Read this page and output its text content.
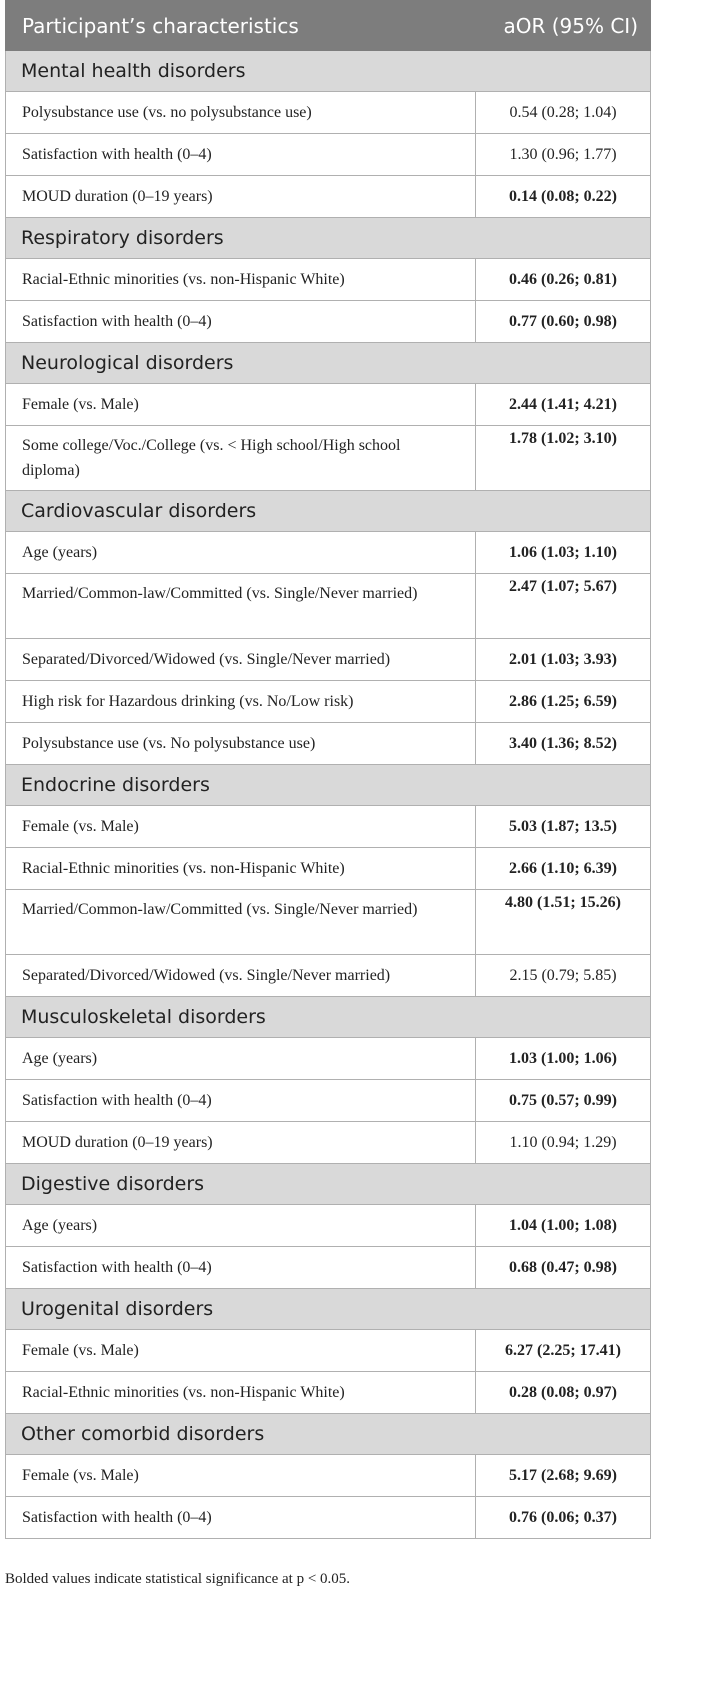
Participant’s characteristics	aOR (95% CI)
Mental health disorders	
Polysubstance use (vs. no polysubstance use)	0.54 (0.28; 1.04)
Satisfaction with health (0–4)	1.30 (0.96; 1.77)
MOUD duration (0–19 years)	0.14 (0.08; 0.22)
Respiratory disorders	
Racial-Ethnic minorities (vs. non-Hispanic White)	0.46 (0.26; 0.81)
Satisfaction with health (0–4)	0.77 (0.60; 0.98)
Neurological disorders	
Female (vs. Male)	2.44 (1.41; 4.21)
Some college/Voc./College (vs. < High school/High school diploma)	1.78 (1.02; 3.10)
Cardiovascular disorders	
Age (years)	1.06 (1.03; 1.10)
Married/Common-law/Committed (vs. Single/Never married)	2.47 (1.07; 5.67)
Separated/Divorced/Widowed (vs. Single/Never married)	2.01 (1.03; 3.93)
High risk for Hazardous drinking (vs. No/Low risk)	2.86 (1.25; 6.59)
Polysubstance use (vs. No polysubstance use)	3.40 (1.36; 8.52)
Endocrine disorders	
Female (vs. Male)	5.03 (1.87; 13.5)
Racial-Ethnic minorities (vs. non-Hispanic White)	2.66 (1.10; 6.39)
Married/Common-law/Committed (vs. Single/Never married)	4.80 (1.51; 15.26)
Separated/Divorced/Widowed (vs. Single/Never married)	2.15 (0.79; 5.85)
Musculoskeletal disorders	
Age (years)	1.03 (1.00; 1.06)
Satisfaction with health (0–4)	0.75 (0.57; 0.99)
MOUD duration (0–19 years)	1.10 (0.94; 1.29)
Digestive disorders	
Age (years)	1.04 (1.00; 1.08)
Satisfaction with health (0–4)	0.68 (0.47; 0.98)
Urogenital disorders	
Female (vs. Male)	6.27 (2.25; 17.41)
Racial-Ethnic minorities (vs. non-Hispanic White)	0.28 (0.08; 0.97)
Other comorbid disorders	
Female (vs. Male)	5.17 (2.68; 9.69)
Satisfaction with health (0–4)	0.76 (0.06; 0.37)
Bolded values indicate statistical significance at p < 0.05.
